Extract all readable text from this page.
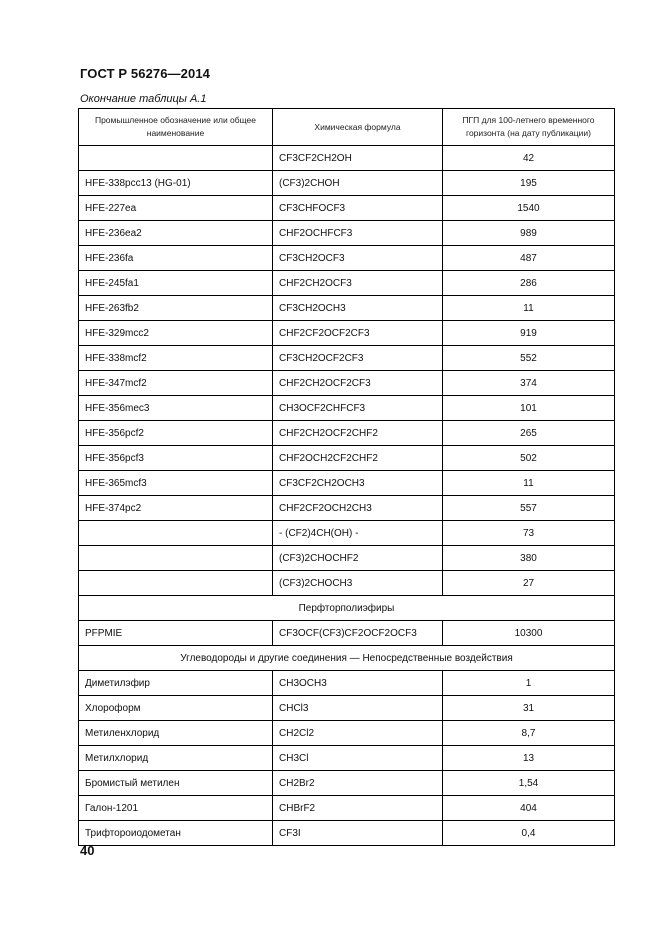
ГОСТ Р 56276—2014
Окончание таблицы А.1
Промышленное обозначение или общее наименование	Химическая формула	ПГП для 100-летнего временного горизонта (на дату публикации)
	CF3CF2CH2OH	42
HFE-338pcc13 (HG-01)	(CF3)2CHOH	195
HFE-227ea	CF3CHFOCF3	1540
HFE-236ea2	CHF2OCHFCF3	989
HFE-236fa	CF3CH2OCF3	487
HFE-245fa1	CHF2CH2OCF3	286
HFE-263fb2	CF3CH2OCH3	11
HFE-329mcc2	CHF2CF2OCF2CF3	919
HFE-338mcf2	CF3CH2OCF2CF3	552
HFE-347mcf2	CHF2CH2OCF2CF3	374
HFE-356mec3	CH3OCF2CHFCF3	101
HFE-356pcf2	CHF2CH2OCF2CHF2	265
HFE-356pcf3	CHF2OCH2CF2CHF2	502
HFE-365mcf3	CF3CF2CH2OCH3	11
HFE-374pc2	CHF2CF2OCH2CH3	557
	- (CF2)4CH(OH) -	73
	(CF3)2CHOCHF2	380
	(CF3)2CHOCH3	27
Перфторполиэфиры		
PFPMIE	CF3OCF(CF3)CF2OCF2OCF3	10300
Углеводороды и другие соединения — Непосредственные воздействия		
Диметилэфир	CH3OCH3	1
Хлороформ	CHCl3	31
Метиленхлорид	CH2Cl2	8,7
Метилхлорид	CH3Cl	13
Бромистый метилен	CH2Br2	1,54
Галон-1201	CHBrF2	404
Трифтороиодометан	CF3I	0,4
40
